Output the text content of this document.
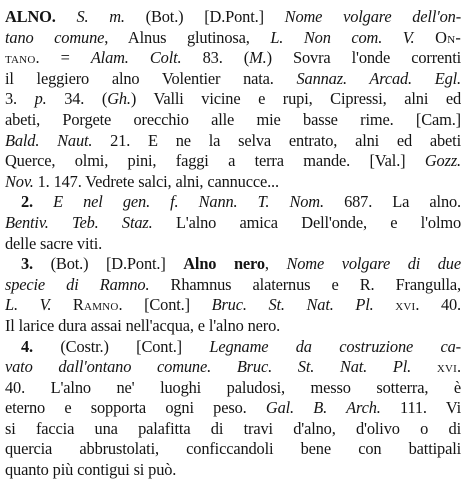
ALNO. S. m. (Bot.) [D.Pont.] Nome volgare dell'on-
tano comune, Alnus glutinosa, L. Non com. V. On-
tano. = Alam. Colt. 83. (M.) Sovra l'onde correnti
il leggiero alno Volentier nata. Sannaz. Arcad. Egl.
3. p. 34. (Gh.) Valli vicine e rupi, Cipressi, alni ed
abeti, Porgete orecchio alle mie basse rime. [Cam.]
Bald. Naut. 21. E ne la selva entrato, alni ed abeti
Querce, olmi, pini, faggi a terra mande. [Val.] Gozz.
Nov. 1. 147. Vedrete salci, alni, cannucce...
2. E nel gen. f. Nann. T. Nom. 687. La alno.
Bentiv. Teb. Staz. L'alno amica Dell'onde, e l'olmo
delle sacre viti.
3. (Bot.) [D.Pont.] Alno nero, Nome volgare di due
specie di Ramno. Rhamnus alaternus e R. Frangulla,
L. V. Ramno. [Cont.] Bruc. St. Nat. Pl. xvi. 40.
Il larice dura assai nell'acqua, e l'alno nero.
4. (Costr.) [Cont.] Legname da costruzione ca-
vato dall'ontano comune. Bruc. St. Nat. Pl. xvi.
40. L'alno ne' luoghi paludosi, messo sotterra, è
eterno e sopporta ogni peso. Gal. B. Arch. 111. Vi
si faccia una palafitta di travi d'alno, d'olivo o di
quercia abbrustolati, conficcandoli bene con battipali
quanto più contigui si può.
